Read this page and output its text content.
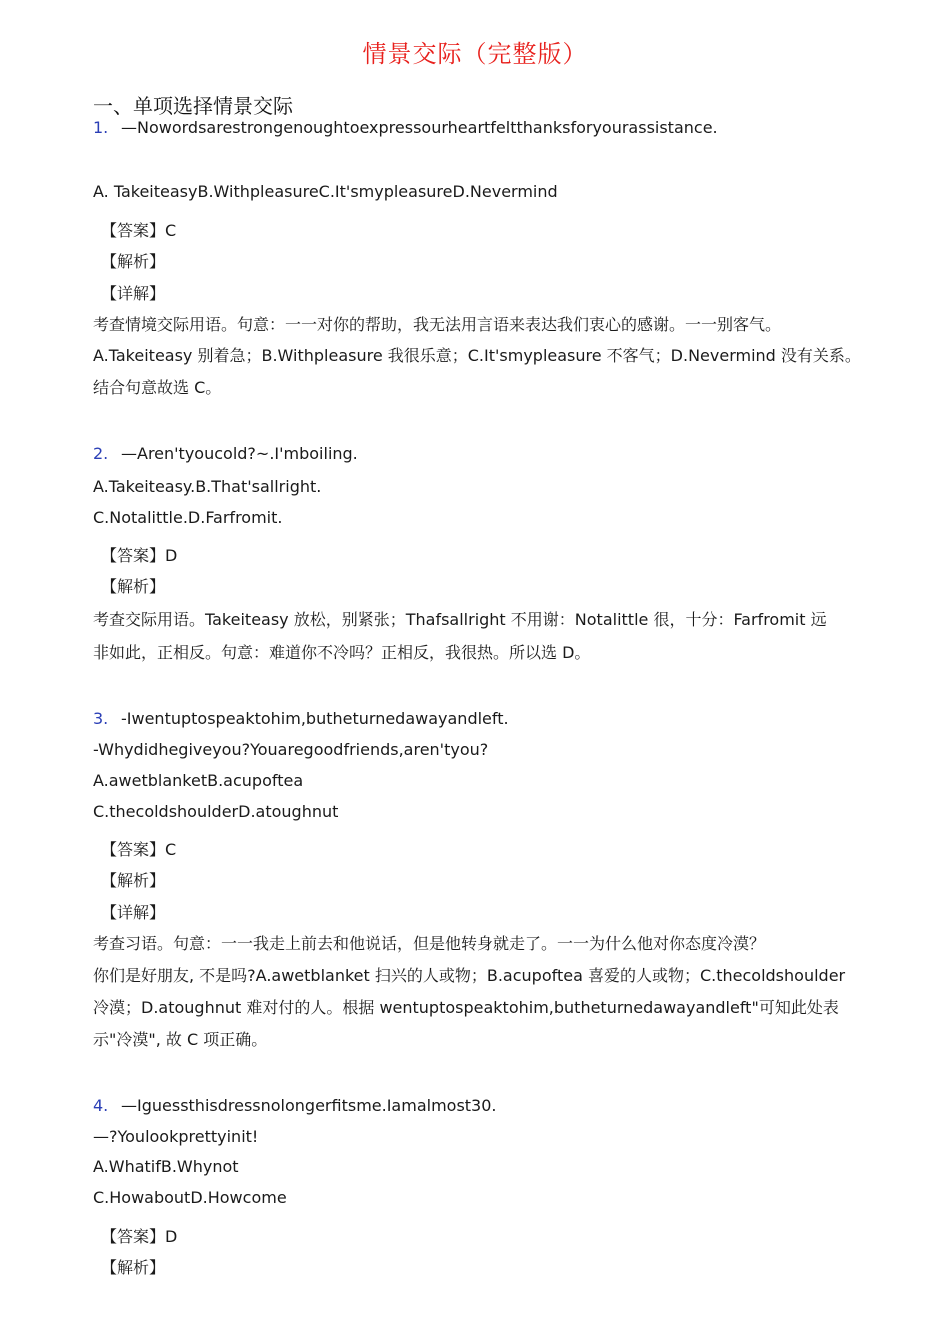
情景交际（完整版）
一、单项选择情景交际
1. —Nowordsarestrongenoughtoexpressourheartfeltthanksforyourassistance.
A. TakeiteasyB.WithpleasureC.It'smypleasureD.Nevermind
【答案】C
【解析】
【详解】
考查情境交际用语。句意：一一对你的帮助，我无法用言语来表达我们衷心的感谢。一一别客气。
A.Takeiteasy 别着急；B.Withpleasure 我很乐意；C.It'smypleasure 不客气；D.Nevermind 没有关系。
结合句意故选 C。
2. —Aren'tyoucold?~.I'mboiling.
A.Takeiteasy.B.That'sallright.
C.Notalittle.D.Farfromit.
【答案】D
【解析】
考查交际用语。Takeiteasy 放松，别紧张；Thafsallright 不用谢：Notalittle 很，十分：Farfromit 远
非如此，正相反。句意：难道你不冷吗？正相反，我很热。所以选 D。
3. -Iwentuptospeaktohim,butheturnedawayandleft.
-Whydidhegiveyou?Youaregoodfriends,aren'tyou?
A.awetblanketB.acupoftea
C.thecoldshoulderD.atoughnut
【答案】C
【解析】
【详解】
考查习语。句意：一一我走上前去和他说话，但是他转身就走了。一一为什么他对你态度冷漠？
你们是好朋友, 不是吗?A.awetblanket 扫兴的人或物；B.acupoftea 喜爱的人或物；C.thecoldshoulder
冷漠；D.atoughnut 难对付的人。根据 wentuptospeaktohim,butheturnedawayandleft"可知此处表
示"冷漠", 故 C 项正确。
4. —Iguessthisdressnolongerfitsme.Iamalmost30.
—?Youlookprettyinit!
A.WhatifB.Whynot
C.HowaboutD.Howcome
【答案】D
【解析】
